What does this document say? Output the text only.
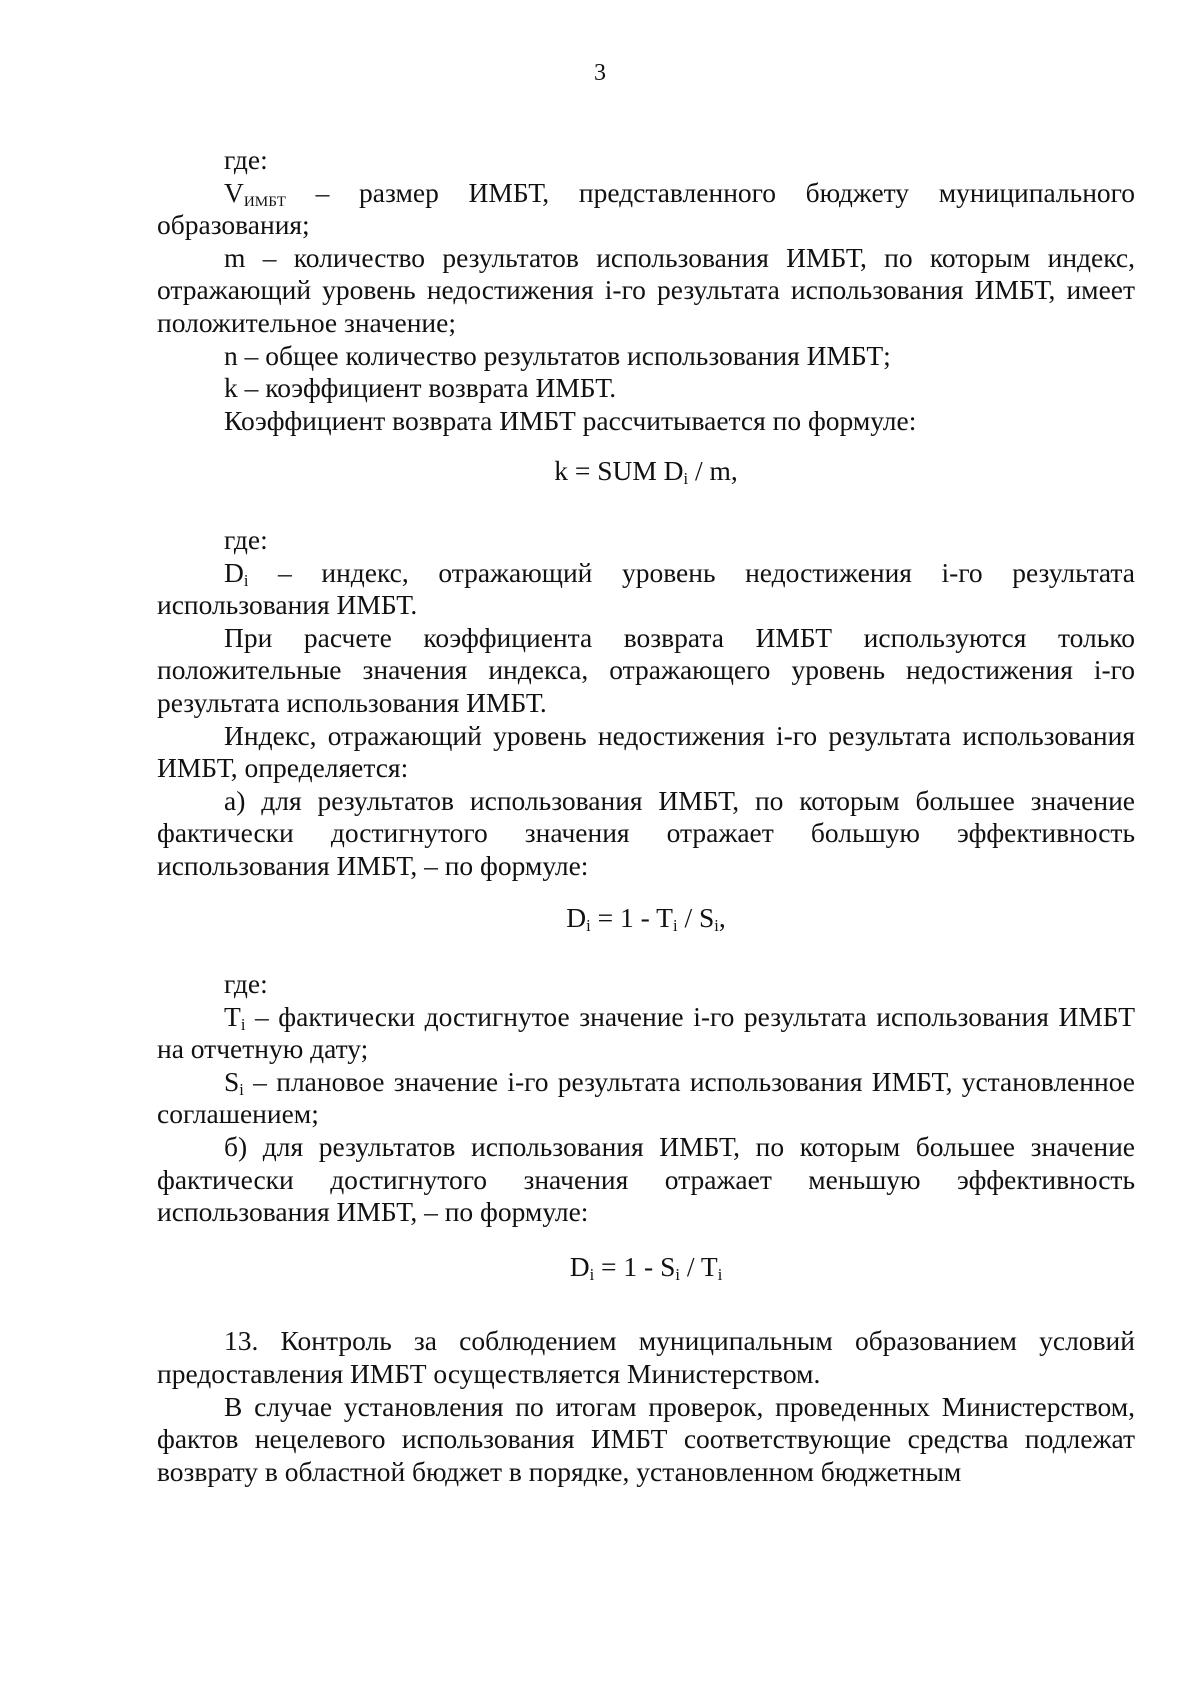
3

где:

$V_{ИМБТ}$ – размер ИМБТ, представленного бюджету муниципального образования;

m – количество результатов использования ИМБТ, по которым индекс, отражающий уровень недостижения i-го результата использования ИМБТ, имеет положительное значение;

n – общее количество результатов использования ИМБТ;

k – коэффициент возврата ИМБТ.

Коэффициент возврата ИМБТ рассчитывается по формуле:

k = SUM $D_i$ / m,

где:

$D_i$ – индекс, отражающий уровень недостижения i-го результата использования ИМБТ.

При расчете коэффициента возврата ИМБТ используются только положительные значения индекса, отражающего уровень недостижения i-го результата использования ИМБТ.

Индекс, отражающий уровень недостижения i-го результата использования ИМБТ, определяется:

а) для результатов использования ИМБТ, по которым большее значение фактически достигнутого значения отражает большую эффективность использования ИМБТ, – по формуле:

$D_i = 1 - T_i / S_i$,

где:

$T_i$ – фактически достигнутое значение i-го результата использования ИМБТ на отчетную дату;

$S_i$ – плановое значение i-го результата использования ИМБТ, установленное соглашением;

б) для результатов использования ИМБТ, по которым большее значение фактически достигнутого значения отражает меньшую эффективность использования ИМБТ, – по формуле:

$D_i = 1 - S_i / T_i$

13. Контроль за соблюдением муниципальным образованием условий предоставления ИМБТ осуществляется Министерством.

В случае установления по итогам проверок, проведенных Министерством, фактов нецелевого использования ИМБТ соответствующие средства подлежат возврату в областной бюджет в порядке, установленном бюджетным
